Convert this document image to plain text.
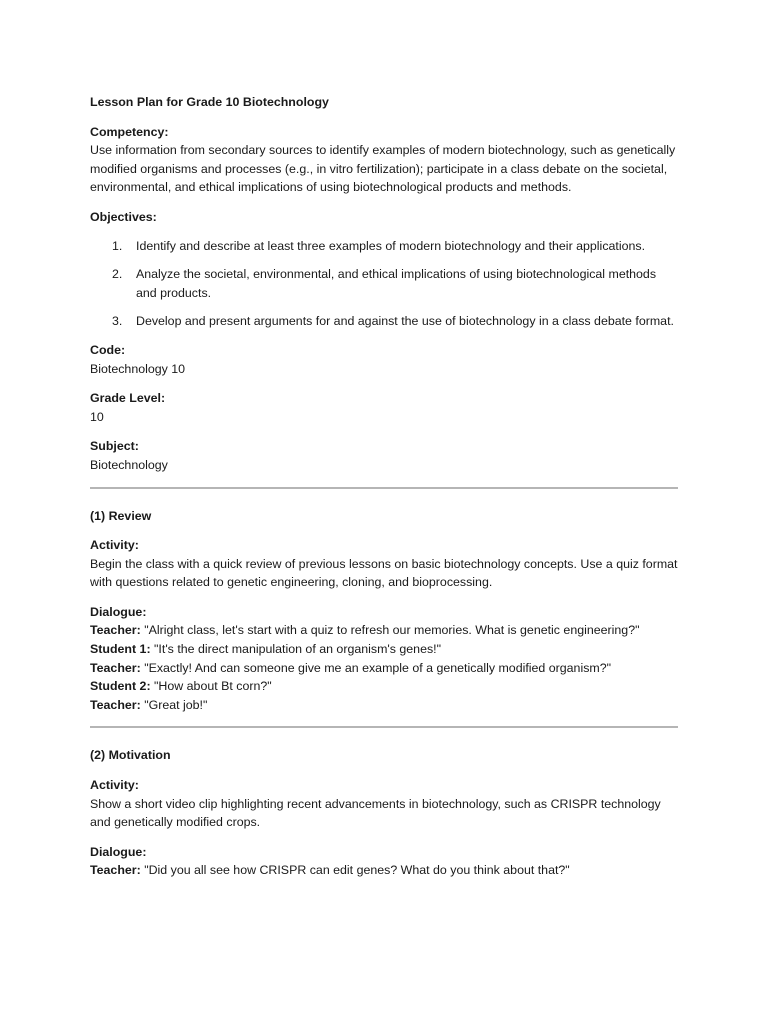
Lesson Plan for Grade 10 Biotechnology
Competency:
Use information from secondary sources to identify examples of modern biotechnology, such as genetically modified organisms and processes (e.g., in vitro fertilization); participate in a class debate on the societal, environmental, and ethical implications of using biotechnological products and methods.
Objectives:
1. Identify and describe at least three examples of modern biotechnology and their applications.
2. Analyze the societal, environmental, and ethical implications of using biotechnological methods and products.
3. Develop and present arguments for and against the use of biotechnology in a class debate format.
Code:
Biotechnology 10
Grade Level:
10
Subject:
Biotechnology
(1) Review
Activity:
Begin the class with a quick review of previous lessons on basic biotechnology concepts. Use a quiz format with questions related to genetic engineering, cloning, and bioprocessing.
Dialogue:
Teacher: "Alright class, let's start with a quiz to refresh our memories. What is genetic engineering?"
Student 1: "It's the direct manipulation of an organism's genes!"
Teacher: "Exactly! And can someone give me an example of a genetically modified organism?"
Student 2: "How about Bt corn?"
Teacher: "Great job!"
(2) Motivation
Activity:
Show a short video clip highlighting recent advancements in biotechnology, such as CRISPR technology and genetically modified crops.
Dialogue:
Teacher: "Did you all see how CRISPR can edit genes? What do you think about that?"
